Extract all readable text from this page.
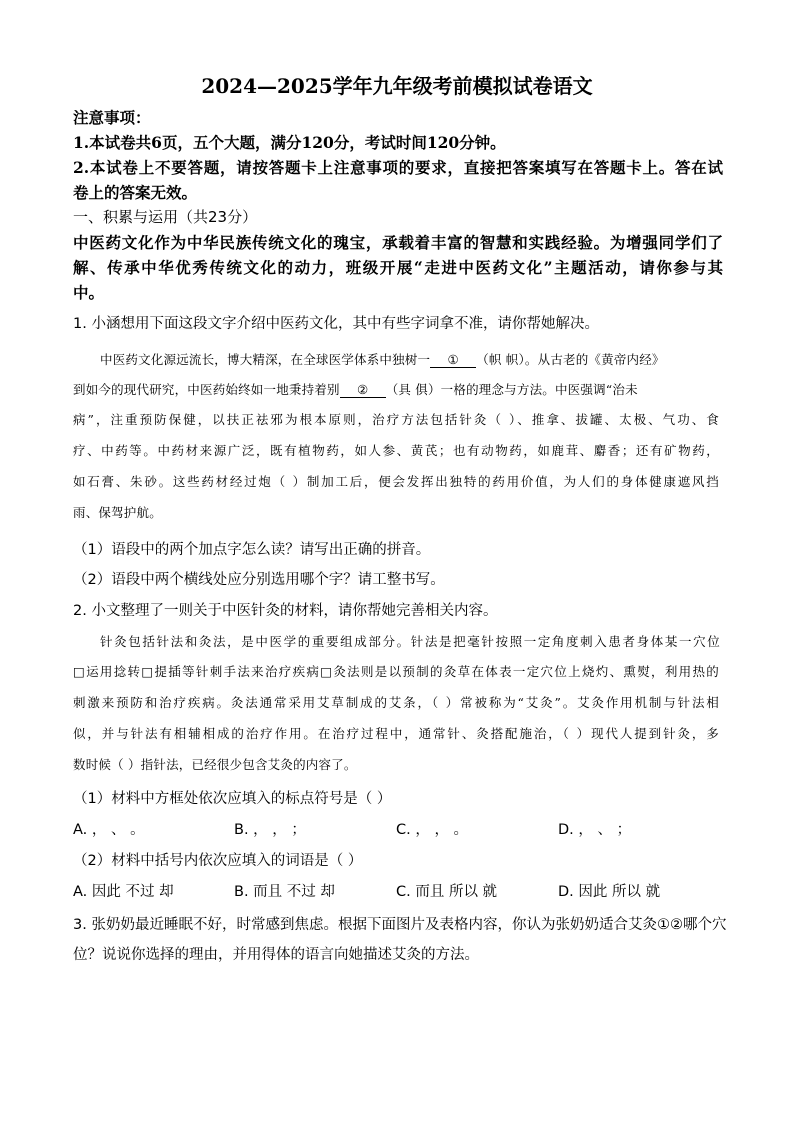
2024—2025学年九年级考前模拟试卷语文
注意事项：
1.本试卷共6页，五个大题，满分120分，考试时间120分钟。
2.本试卷上不要答题，请按答题卡上注意事项的要求，直接把答案填写在答题卡上。答在试
卷上的答案无效。
一、积累与运用（共23分）
中医药文化作为中华民族传统文化的瑰宝，承载着丰富的智慧和实践经验。为增强同学们了
解、传承中华优秀传统文化的动力，班级开展“走进中医药文化”主题活动，请你参与其
中。
1. 小涵想用下面这段文字介绍中医药文化，其中有些字词拿不准，请你帮她解决。
中医药文化源远流长，博大精深，在全球医学体系中独树一 ① （帜 帜）。从古老的《黄帝内经》
到如今的现代研究，中医药始终如一地秉持着别 ② （具 俱）一格的理念与方法。中医强调“治未
病”，注重预防保健，以扶正祛邪为根本原则，治疗方法包括针灸（ ）、推拿、拔罐、太极、气功、食
疗、中药等。中药材来源广泛，既有植物药，如人参、黄芪；也有动物药，如鹿茸、麝香；还有矿物药，
如石膏、朱砂。这些药材经过炮（ ）制加工后，便会发挥出独特的药用价值，为人们的身体健康遮风挡
雨、保驾护航。
（1）语段中的两个加点字怎么读？请写出正确的拼音。
（2）语段中两个横线处应分别选用哪个字？请工整书写。
2. 小文整理了一则关于中医针灸的材料，请你帮她完善相关内容。
针灸包括针法和灸法，是中医学的重要组成部分。针法是把毫针按照一定角度刺入患者身体某一穴位
□运用捻转□提插等针刺手法来治疗疾病□灸法则是以预制的灸草在体表一定穴位上烧灼、熏熨，利用热的
刺激来预防和治疗疾病。灸法通常采用艾草制成的艾条，（ ）常被称为“艾灸”。艾灸作用机制与针法相
似，并与针法有相辅相成的治疗作用。在治疗过程中，通常针、灸搭配施治，（ ）现代人提到针灸，多
数时候（ ）指针法，已经很少包含艾灸的内容了。
（1）材料中方框处依次应填入的标点符号是（ ）
A. ， 、 。	B. ， ， ；	C. ， ， 。	D. ， 、 ；
（2）材料中括号内依次应填入的词语是（ ）
A. 因此 不过 却	B. 而且 不过 却	C. 而且 所以 就	D. 因此 所以 就
3. 张奶奶最近睡眠不好，时常感到焦虑。根据下面图片及表格内容，你认为张奶奶适合艾灸①②哪个穴
位？说说你选择的理由，并用得体的语言向她描述艾灸的方法。
